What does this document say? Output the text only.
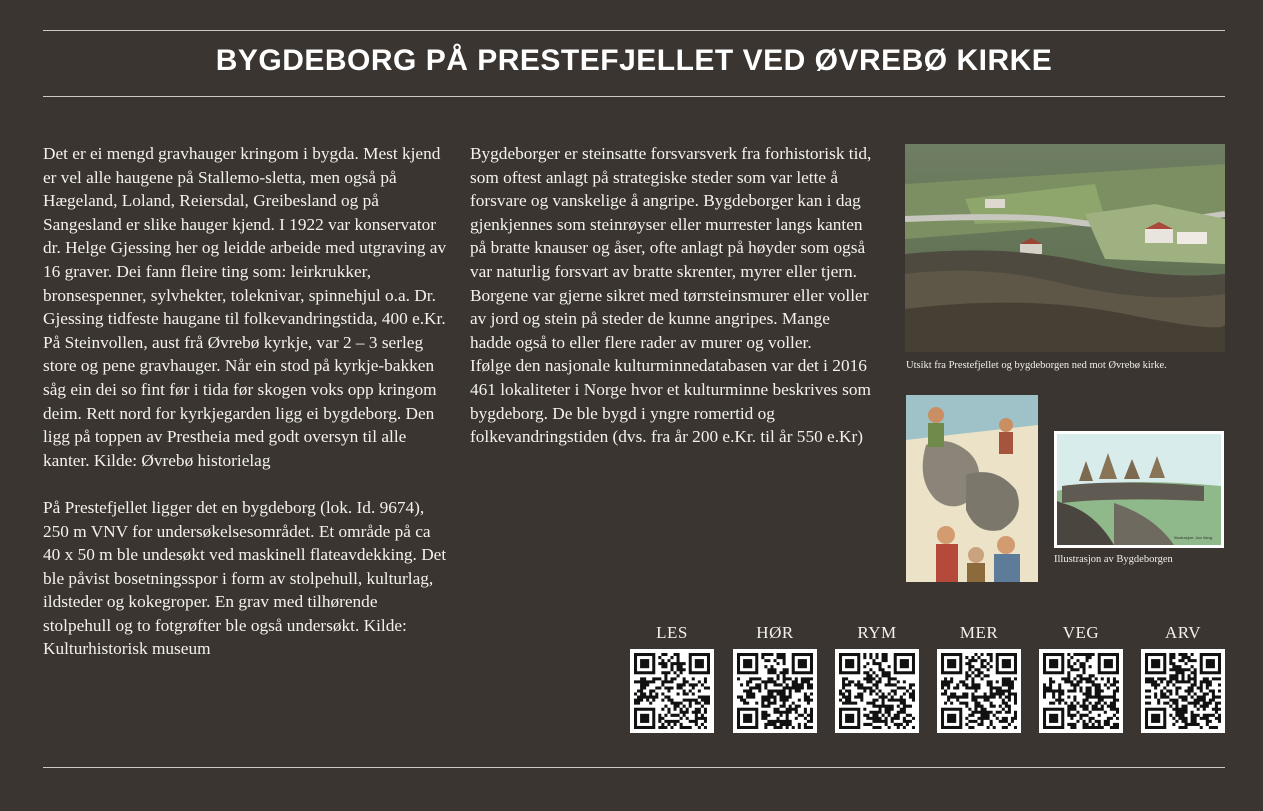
BYGDEBORG PÅ PRESTEFJELLET VED ØVREBØ KIRKE

Det er ei mengd gravhauger kringom i bygda. Mest kjend er vel alle haugene på Stallemo-sletta, men også på Hægeland, Loland, Reiersdal, Greibesland og på Sangesland er slike hauger kjend. I 1922 var konservator dr. Helge Gjessing her og leidde arbeide med utgraving av 16 graver. Dei fann fleire ting som: leirkrukker, bronsespenner, sylvhekter, toleknivar, spinnehjul o.a. Dr. Gjessing tidfeste haugane til folkevandringstida, 400 e.Kr. På Steinvollen, aust frå Øvrebø kyrkje, var 2 – 3 serleg store og pene gravhauger. Når ein stod på kyrkje-bakken såg ein dei so fint før i tida før skogen voks opp kringom deim. Rett nord for kyrkjegarden ligg ei bygdeborg. Den ligg på toppen av Prestheia med godt oversyn til alle kanter. Kilde: Øvrebø historielag

På Prestefjellet ligger det en bygdeborg (lok. Id. 9674), 250 m VNV for undersøkelsesområdet. Et område på ca 40 x 50 m ble undesøkt ved maskinell flateavdekking. Det ble påvist bosetningsspor i form av stolpehull, kulturlag, ildsteder og kokegroper. En grav med tilhørende stolpehull og to fotgrøfter ble også undersøkt. Kilde: Kulturhistorisk museum

Bygdeborger er steinsatte forsvarsverk fra forhistorisk tid, som oftest anlagt på strategiske steder som var lette å forsvare og vanskelige å angripe. Bygdeborger kan i dag gjenkjennes som steinrøyser eller murrester langs kanten på bratte knauser og åser, ofte anlagt på høyder som også var naturlig forsvart av bratte skrenter, myrer eller tjern. Borgene var gjerne sikret med tørrsteinsmurer eller voller av jord og stein på steder de kunne angripes. Mange hadde også to eller flere rader av murer og voller.

Ifølge den nasjonale kulturminnedatabasen var det i 2016 461 lokaliteter i Norge hvor et kulturminne beskrives som bygdeborg. De ble bygd i yngre romertid og folkevandringstiden (dvs. fra år 200 e.Kr. til år 550 e.Kr)

Utsikt fra Prestefjellet og bygdeborgen ned mot Øvrebø kirke.
Illustrasjon: Jan Vang
Illustrasjon av Bygdeborgen
LES	HØR	RYM	MER	VEG	ARV
